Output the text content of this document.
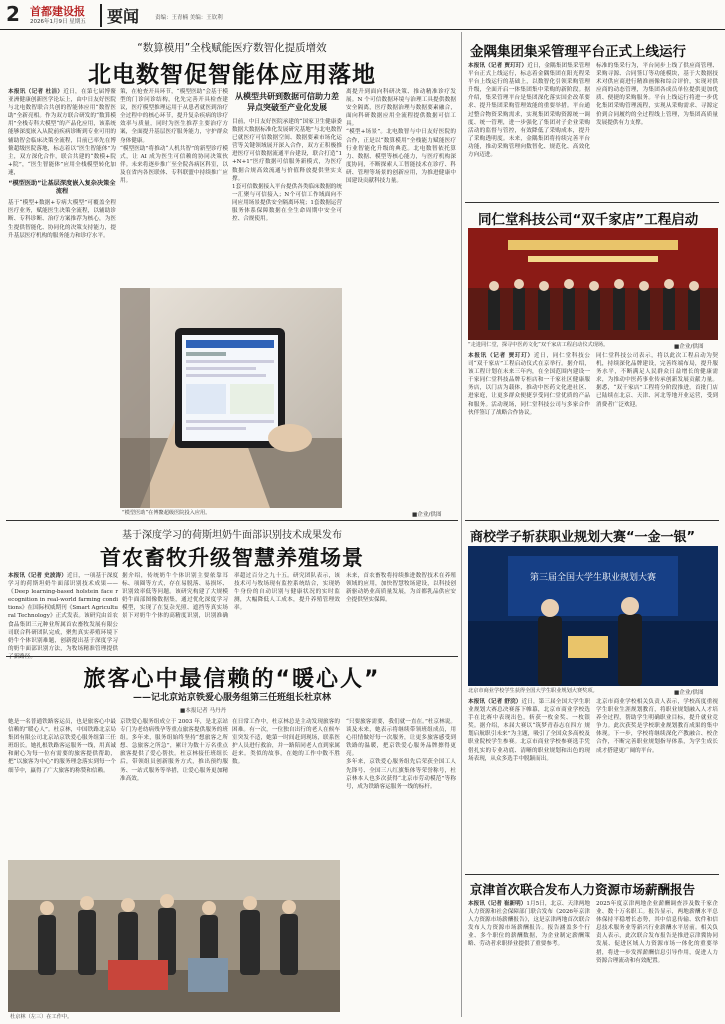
2 首都建设报
2026年1月9日 星期五	要闻	责编：王青楠 美编：王钦利
“数算模用”全栈赋能医疗数智化提质增效
北电数智促智能体应用落地
本报讯（记者 杜洁）近日，在第七届博鳌亚洲健康创新医学论坛上，由中日友好医院与北电数智联合共创的智能体应用“数智医助”全新亮相。作为双方联合研发的“数算模用”全栈专科大模型“的产品化应用，该系统能够深度嵌入从院前疾病诊断到专业可用的辅助智会临床决策全流程，目前已率先在博鳌超级医院落地，标志着以“医生智能体”为主，双方深化合作，联合共建的“数模+院+院”，“医生智能体”应用全栈模型转化加速，
“模型医助”让基层深度嵌入复杂决策全流程
基于“模型+数据+专病大模型”可覆盖全程医疗业务，赋能医生决策全流程，以辅助诊断、专科诊断、治疗方案推荐为核心，为医生提供智能化、协同化的决策支持能力，提升基层医疗机构的服务能力和诊疗水平。
策，在枪查开具环节，“模型医助”会基于模型的门诊问诊结构，化先完善开具检查建议，医疗模型推理运用于从患者就医到治疗全过程中的核心环节，提升复杂疾病的诊疗效率与质量，同时为医生推荐主要治疗方案，全面提升基层医疗服务能力，守护群众身体健康。
“模型医助”将推动“人机共智”的新型诊疗模式，让 AI 成为医生可信赖的协同决策伙伴。未来将逐步推广至全院各病区科室，以及在省内各医联体、专科联盟中持续推广应用。
从模型共研到数据可信助力差异点突破至产业化发展
目前，中日友好医院承建的“国家卫生健康委数据大数据标准化发展研究基地”与北电数智已就医疗可信数据空间、数据要素市场化运营等关键领域展开深入合作，双方正积极推进医疗可信数据流通平台建设，联合打造“1+N+1”医疗数据可信服务新模式，为医疗数据合规高效流通与价值释放提供坚实支撑。
1套可信数据接入平台提供各类临床数据的统一汇聚与可信接入；N个可信工作域面向不同应用场景提供安全隔离环境；1套数据运营服务体系保障数据在全生命周期中安全可控、合规使用。
离提升到面向科研决策、推动精准诊疗发展。N 个可信数据环境与治理工具提供数据安全隔离，医疗数据治理与数据要素融合，面向科研数据应用全流程提供数据可信工具。
“模型+场景”。北电数智与中日友好医院的合作，正是以“数算模用”全栈能力赋能医疗行业智能化升级的典范。北电数智依托算力、数据、模型等核心能力，与医疗机构深度协同，不断探索人工智能技术在诊疗、科研、管理等场景的创新应用，为推进健康中国建设贡献科技力量。
“模型医助”在博鳌超级医院投入应用。	■企业/供图
金隅集团集采管理平台正式上线运行
本报讯（记者 贾玎玎）近日，金隅集团集采管理平台正式上线运行，标志着金隅集团在阳光程采平台上线运行的基础上，以数智化引领采购管理升级，全面开启一体集团集中采购的新阶段。据介绍，集采管理平台是集团深化落实国企改革要求、提升集团采购管理效能的重要举措。平台通过整合物资采购需求，实现集团采购资源统一调度、统一管理，进一步强化了集团对子企业采购活动的监督与管控，有效降低了采购成本，提升了采购透明度。未来，金隅集团将持续完善平台功能，推动采购管理向数智化、规范化、高效化方向迈进。
标准的集采行为，平台同步上线了供应商管理、采购寻源、合同签订等功能模块，基于大数据技术对供应商进行精准画像和综合评价，实现对供应商的动态管理，为集团各成员单位提供更加优质、便捷的采购服务。平台上线运行将进一步优化集团采购管理流程，实现从采购需求、寻源定价到合同履约的全过程线上管理，为集团高质量发展提供有力支撑。
同仁堂科技公司“双千家店”工程启动
“走进同仁堂，探寻中医药文化”双千家店工程启动仪式现场。	■企业/供图
本报讯（记者 贾玎玎）近日，同仁堂科技公司“双千家店”工程启动仪式在京举行。据介绍，该工程计划在未来三年内，在全国范围内建设一千家同仁堂科技品牌专柜店和一千家社区健康服务店，以门店为载体，推动中医药文化进社区、进家庭，让更多群众便捷享受同仁堂优质的产品和服务。活动现场，同仁堂科技公司与多家合作伙伴签订了战略合作协议。
同仁堂科技公司表示，将以此次工程启动为契机，持续深化品牌建设，完善终端布局，提升服务水平，不断满足人民群众日益增长的健康需求，为推动中医药事业传承创新发展贡献力量。据悉，“双千家店”工程将分阶段推进，首批门店已陆续在北京、天津、河北等地开业运营，受到消费者广泛欢迎。
基于深度学习的荷斯坦奶牛面部识别技术成果发布
首农畜牧升级智慧养殖场景
本报讯（记者 史波涛）近日，一项基于深度学习的荷斯坦奶牛面部识别技术成果——《Deep learning-based holstein face recognition in real-world farming conditions》在国际权威期刊《Smart Agricultural Technology》正式发表。该研究由首农食品集团三元种业所属首农畜牧发展有限公司联合科研团队完成，聚焦真实养殖环境下奶牛个体识别难题，创新提出基于深度学习的奶牛面部识别方法，为牧场精准管理提供了新路径。
据介绍，传统奶牛个体识别主要依靠耳标、项圈等方式，存在易脱落、易损坏、识别效率低等问题。该研究构建了大规模奶牛面部图像数据集，通过优化深度学习模型，实现了在复杂光照、遮挡等真实场景下对奶牛个体的高精度识别，识别准确率超过百分之九十五。研究团队表示，该技术可与牧场现有监控系统结合，实现奶牛身份的自动识别与健康状况的实时监测，大幅降低人工成本，提升养殖管理效率。
未来，首农畜牧将持续推进数智技术在养殖领域的应用，加快智慧牧场建设，以科技创新驱动奶业高质量发展，为首都乳品供应安全提供坚实保障。
旅客心中最信赖的“暖心人”
——记北京站京铁爱心服务组第三任班组长杜京林
■本报记者 马丹丹
她是一名普通铁路客运员，也是旅客心中最信赖的“暖心人”。杜京林，中国铁路北京局集团有限公司北京站京铁爱心服务组第三任班组长。她扎根铁路客运服务一线，用真诚和耐心为每一位有需要的旅客提供帮助，把“以旅客为中心”的服务理念落实到每一个细节中，赢得了广大旅客的称赞和信赖。
京铁爱心服务组成立于 2003 年，是北京站专门为老幼病残孕等重点旅客提供服务的班组。多年来，服务组始终坚持“想旅客之所想、急旅客之所急”，累计为数十万名重点旅客提供了爱心帮扶。杜京林接任班组长后，带领组员创新服务方式，推出预约服务、一站式服务等举措，让爱心服务更加精准高效。
在日常工作中，杜京林总是主动发现旅客的困难。有一次，一位独自出行的老人在候车室突发不适，她第一时间赶到现场，联系医护人员进行救治，并一路陪同老人直到家属赶来。类似的故事，在她的工作中数不胜数。
“只要旅客需要，我们就一直在。”杜京林说。谈及未来，她表示将继续带领班组成员，用心用情做好每一次服务，让更多旅客感受到铁路的温暖，把京铁爱心服务品牌擦得更亮。
多年来，京铁爱心服务组先后荣获全国工人先锋号、全国三八红旗集体等荣誉称号，杜京林本人也多次获得“北京市劳动模范”等称号，成为铁路客运服务一线的标杆。
杜京林（左三）在工作中。
商校学子斩获职业规划大赛“一金一银”
第三届全国大学生职业规划大赛
北京市商业学校学生获得全国大学生职业规划大赛奖项。	■企业/供图
本报讯（记者 舒浣）近日，第三届全国大学生职业规划大赛总决赛落下帷幕，北京市商业学校选手在比赛中表现出色，斩获一枚金奖、一枚银奖。据介绍，本届大赛以“筑梦青春志在四方 规划启航职引未来”为主题，吸引了全国众多高校及职业院校学生参赛。北京市商业学校参赛选手凭借扎实的专业功底、清晰的职业规划和出色的现场表现，从众多选手中脱颖而出。
北京市商业学校相关负责人表示，学校高度重视学生职业生涯规划教育，将职业规划融入人才培养全过程，帮助学生明确职业目标，提升就业竞争力。此次获奖是学校职业规划教育成果的集中体现。下一步，学校将继续深化产教融合、校企合作，不断完善职业规划指导体系，为学生成长成才搭建更广阔的平台。
京津首次联合发布人力资源市场薪酬报告
本报讯（记者 崔新明）1月5日，北京、天津两地人力资源和社会保障部门联合发布《2026年京津人力资源市场薪酬报告》，这是京津两地首次联合发布人力资源市场薪酬报告。报告涵盖多个行业、多个职位的薪酬数据，为企业制定薪酬策略、劳动者求职择业提供了重要参考。
2025年度京津两地企业薪酬调查涉及数千家企业、数十万名职工。报告显示，两地薪酬水平总体保持平稳增长态势，其中信息传输、软件和信息技术服务业等新兴行业薪酬水平居前。相关负责人表示，此次联合发布报告是推进京津冀协同发展、促进区域人力资源市场一体化的重要举措，将进一步发挥薪酬信息引导作用，促进人力资源合理流动和有效配置。
